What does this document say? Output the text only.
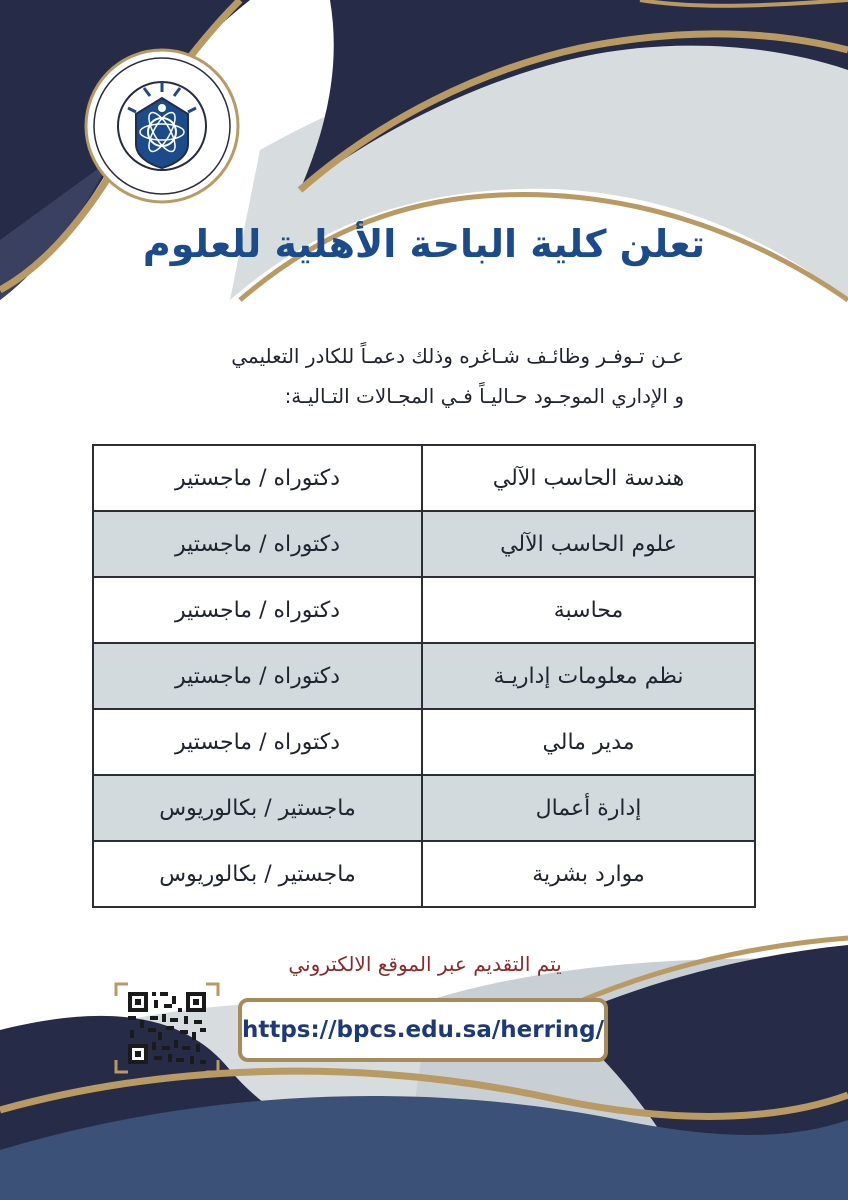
تعلن كلية الباحة الأهلية للعلوم
عـن تـوفـر وظائـف شـاغره وذلك دعمـاً للكادر التعليمي
و الإداري الموجـود حـاليـاً فـي المجـالات التـاليـة:
هندسة الحاسب الآلي	دكتوراه / ماجستير
علوم الحاسب الآلي	دكتوراه / ماجستير
محاسبة	دكتوراه / ماجستير
نظم معلومات إداريـة	دكتوراه / ماجستير
مدير مالي	دكتوراه / ماجستير
إدارة أعمال	ماجستير / بكالوريوس
موارد بشرية	ماجستير / بكالوريوس
يتم التقديم عبر الموقع الالكتروني
https://bpcs.edu.sa/herring/
